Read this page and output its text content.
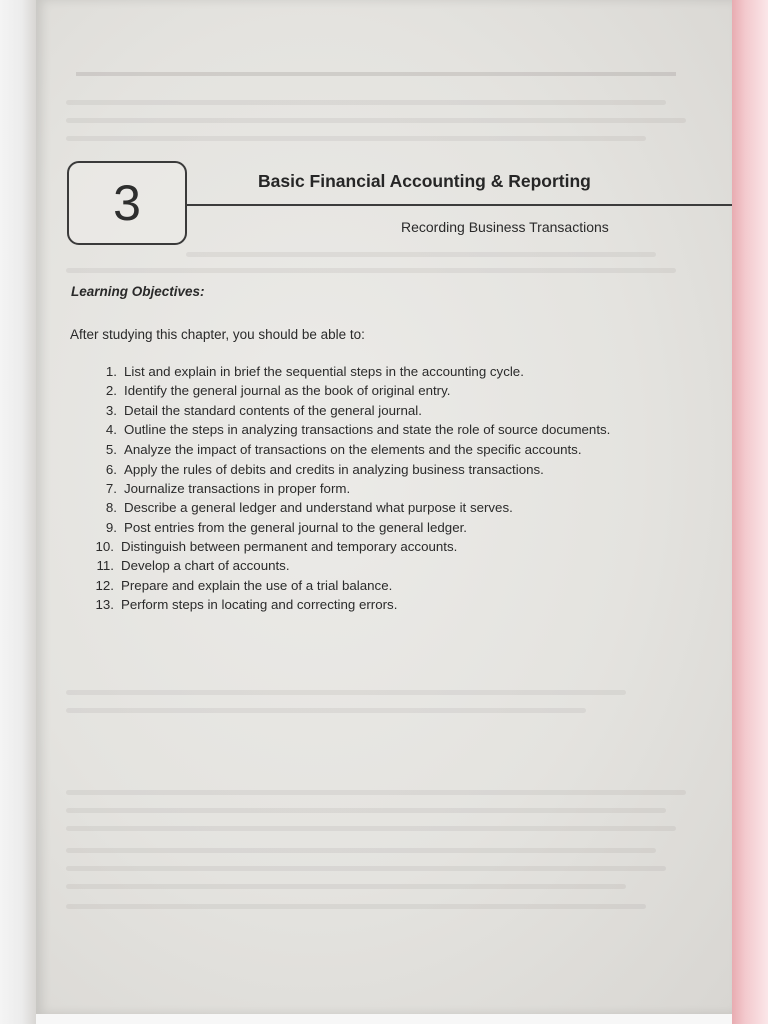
3	Basic Financial Accounting & Reporting
Recording Business Transactions
Learning Objectives:
After studying this chapter, you should be able to:
1. List and explain in brief the sequential steps in the accounting cycle.
2. Identify the general journal as the book of original entry.
3. Detail the standard contents of the general journal.
4. Outline the steps in analyzing transactions and state the role of source documents.
5. Analyze the impact of transactions on the elements and the specific accounts.
6. Apply the rules of debits and credits in analyzing business transactions.
7. Journalize transactions in proper form.
8. Describe a general ledger and understand what purpose it serves.
9. Post entries from the general journal to the general ledger.
10. Distinguish between permanent and temporary accounts.
11. Develop a chart of accounts.
12. Prepare and explain the use of a trial balance.
13. Perform steps in locating and correcting errors.
